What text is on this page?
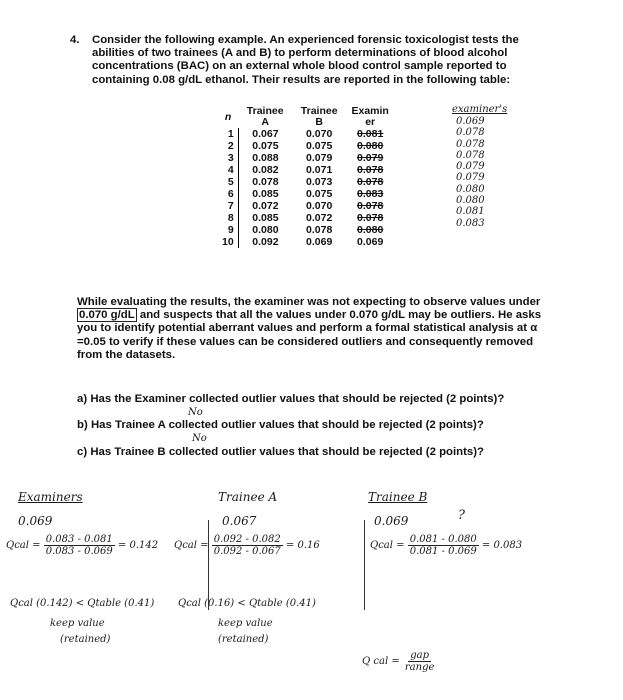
4. Consider the following example. An experienced forensic toxicologist tests the abilities of two trainees (A and B) to perform determinations of blood alcohol concentrations (BAC) on an external whole blood control sample reported to containing 0.08 g/dL ethanol. Their results are reported in the following table:
n	Trainee A	Trainee B	Examin er
1	0.067	0.070	0.081
2	0.075	0.075	0.080
3	0.088	0.079	0.079
4	0.082	0.071	0.078
5	0.078	0.073	0.078
6	0.085	0.075	0.083
7	0.072	0.070	0.078
8	0.085	0.072	0.078
9	0.080	0.078	0.080
10	0.092	0.069	0.069
examiner's
0.069
0.078
0.078
0.078
0.079
0.079
0.080
0.080
0.081
0.083
While evaluating the results, the examiner was not expecting to observe values under 0.070 g/dL and suspects that all the values under 0.070 g/dL may be outliers. He asks you to identify potential aberrant values and perform a formal statistical analysis at α =0.05 to verify if these values can be considered outliers and consequently removed from the datasets.
a) Has the Examiner collected outlier values that should be rejected (2 points)?
No
b) Has Trainee A collected outlier values that should be rejected (2 points)?
No
c) Has Trainee B collected outlier values that should be rejected (2 points)?
Examiners
0.069
Qcal = $\frac{0.083 - 0.081}{0.083 - 0.069} = 0.142$
Qcal (0.142) < Qtable (0.41)
keep value
(retained)
Trainee A
0.067
Qcal = $\frac{0.092 - 0.082}{0.092 - 0.067} = 0.16$
Qcal (0.16) < Qtable (0.41)
keep value
(retained)
Trainee B
0.069	?
Qcal = $\frac{0.081 - 0.080}{0.081 - 0.069} = 0.083$
Q cal = $\frac{\text{gap}}{\text{range}}$
